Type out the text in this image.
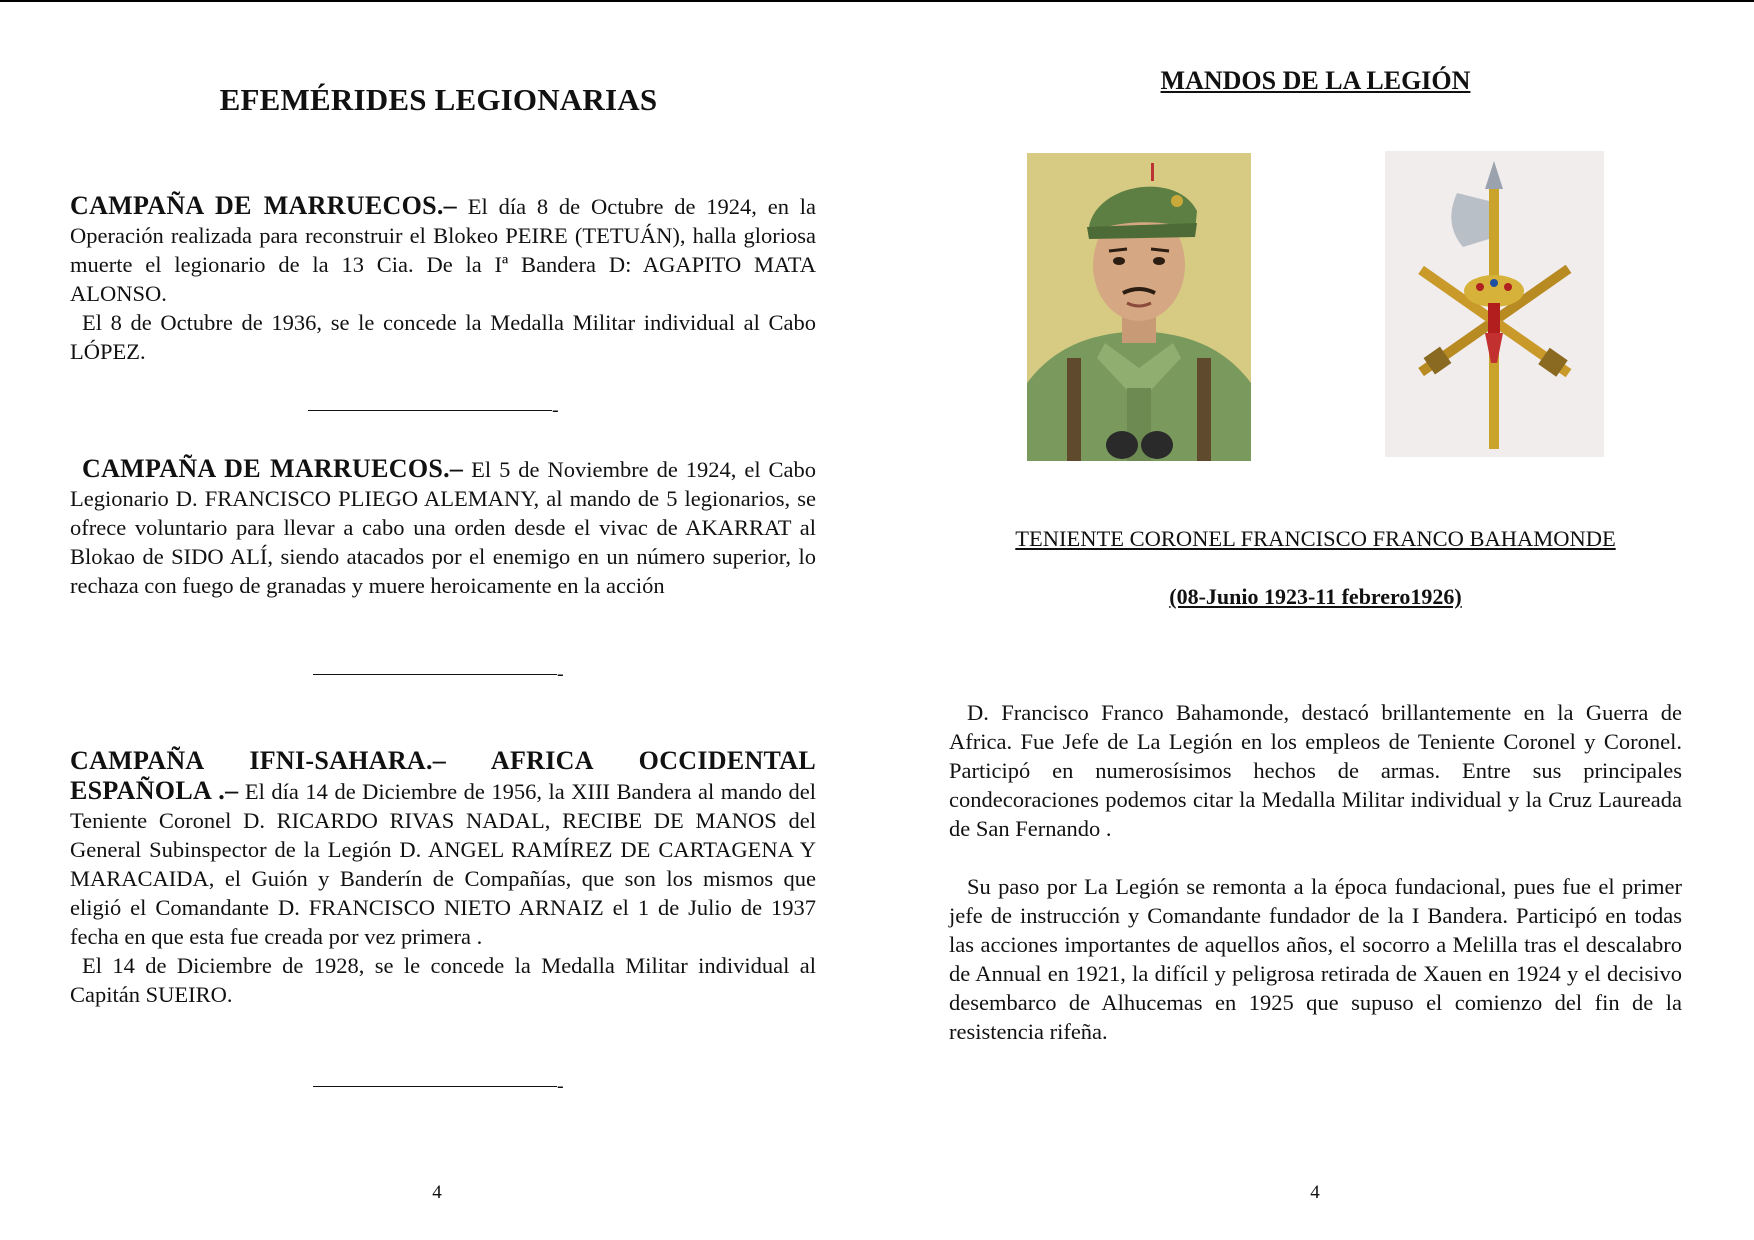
EFEMÉRIDES LEGIONARIAS

CAMPAÑA DE MARRUECOS.– El día 8 de Octubre de 1924, en la Operación realizada para reconstruir el Blokeo PEIRE (TETUÁN), halla gloriosa muerte el legionario de la 13 Cia. De la Iª Bandera D: AGAPITO MATA ALONSO.

El 8 de Octubre de 1936, se le concede la Medalla Militar individual al Cabo LÓPEZ.

-

CAMPAÑA DE MARRUECOS.– El 5 de Noviembre de 1924, el Cabo Legionario D. FRANCISCO PLIEGO ALEMANY, al mando de 5 legionarios, se ofrece voluntario para llevar a cabo una orden desde el vivac de AKARRAT al Blokao de SIDO ALÍ, siendo atacados por el enemigo en un número superior, lo rechaza con fuego de granadas y muere heroicamente en la acción

-

CAMPAÑA IFNI-SAHARA.– AFRICA OCCIDENTAL ESPAÑOLA .– El día 14 de Diciembre de 1956, la XIII Bandera al mando del Teniente Coronel D. RICARDO RIVAS NADAL, RECIBE DE MANOS del General Subinspector de la Legión D. ANGEL RAMÍREZ DE CARTAGENA Y MARACAIDA, el Guión y Banderín de Compañías, que son los mismos que eligió el Comandante D. FRANCISCO NIETO ARNAIZ el 1 de Julio de 1937 fecha en que esta fue creada por vez primera .

El 14 de Diciembre de 1928, se le concede la Medalla Militar individual al Capitán SUEIRO.

-
4
MANDOS DE LA LEGIÓN
TENIENTE CORONEL FRANCISCO FRANCO BAHAMONDE
(08-Junio 1923-11 febrero1926)

D. Francisco Franco Bahamonde, destacó brillantemente en la Guerra de Africa. Fue Jefe de La Legión en los empleos de Teniente Coronel y Coronel. Participó en numerosísimos hechos de armas. Entre sus principales condecoraciones podemos citar la Medalla Militar individual y la Cruz Laureada de San Fernando .

Su paso por La Legión se remonta a la época fundacional, pues fue el primer jefe de instrucción y Comandante fundador de la I Bandera. Participó en todas las acciones importantes de aquellos años, el socorro a Melilla tras el descalabro de Annual en 1921, la difícil y peligrosa retirada de Xauen en 1924 y el decisivo desembarco de Alhucemas en 1925 que supuso el comienzo del fin de la resistencia rifeña.

4
